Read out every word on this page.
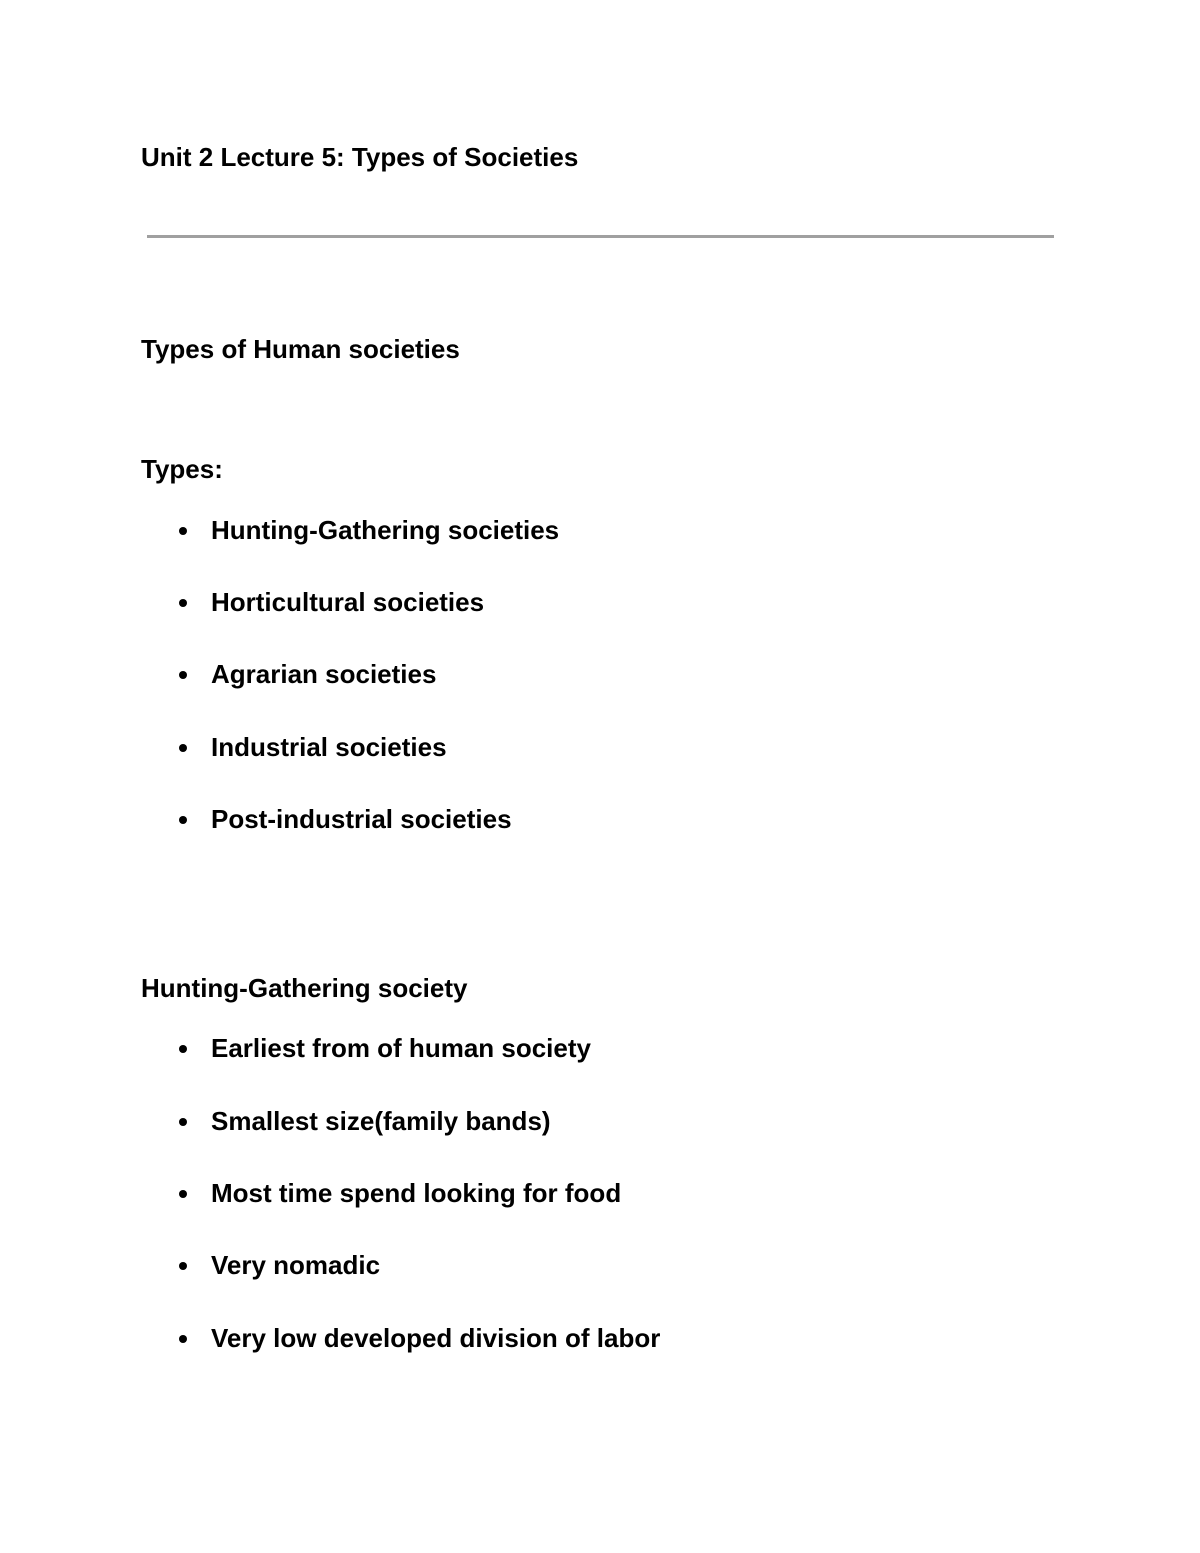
Unit 2 Lecture 5: Types of Societies
Types of Human societies
Types:
Hunting-Gathering societies
Horticultural societies
Agrarian societies
Industrial societies
Post-industrial societies
Hunting-Gathering society
Earliest from of human society
Smallest size(family bands)
Most time spend looking for food
Very nomadic
Very low developed division of labor
